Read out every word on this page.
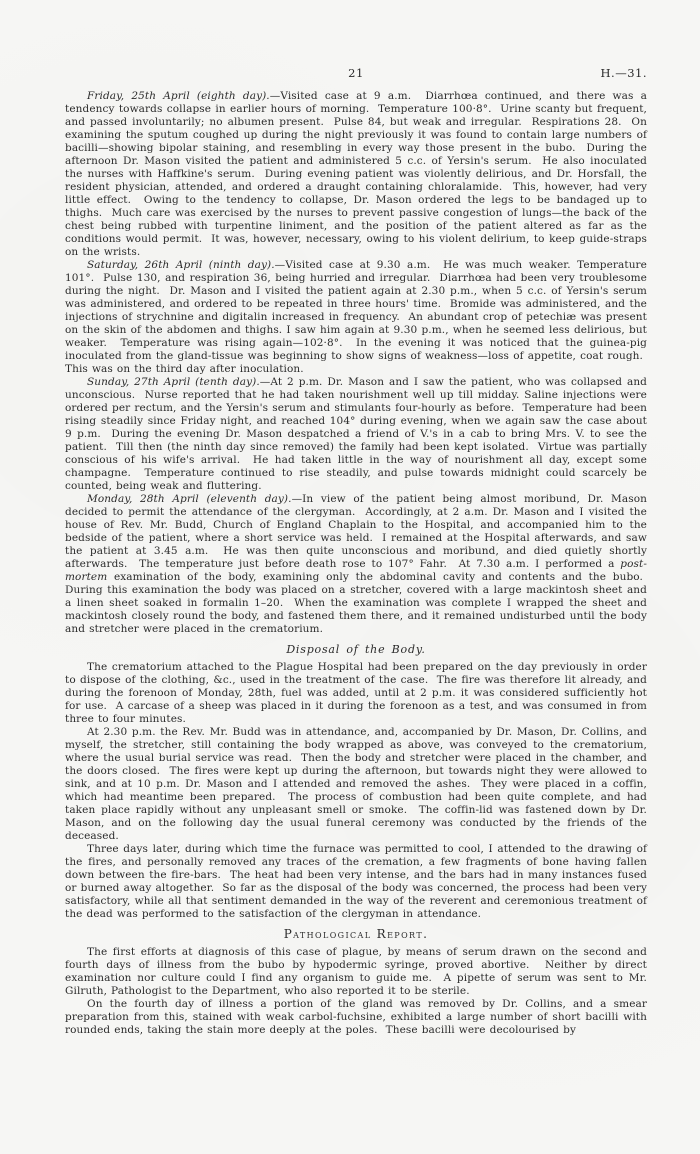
21	H.—31.

Friday, 25th April (eighth day).—Visited case at 9 a.m.  Diarrhœa continued, and there was a tendency towards collapse in earlier hours of morning.  Temperature 100·8°.  Urine scanty but frequent, and passed involuntarily; no albumen present.  Pulse 84, but weak and irregular.  Respirations 28.  On examining the sputum coughed up during the night previously it was found to contain large numbers of bacilli—showing bipolar staining, and resembling in every way those present in the bubo.  During the afternoon Dr. Mason visited the patient and administered 5 c.c. of Yersin's serum.  He also inoculated the nurses with Haffkine's serum.  During evening patient was violently delirious, and Dr. Horsfall, the resident physician, attended, and ordered a draught containing chloralamide.  This, however, had very little effect.  Owing to the tendency to collapse, Dr. Mason ordered the legs to be bandaged up to thighs.  Much care was exercised by the nurses to prevent passive congestion of lungs—the back of the chest being rubbed with turpentine liniment, and the position of the patient altered as far as the conditions would permit.  It was, however, necessary, owing to his violent delirium, to keep guide-straps on the wrists.

Saturday, 26th April (ninth day).—Visited case at 9.30 a.m.  He was much weaker. Temperature 101°.  Pulse 130, and respiration 36, being hurried and irregular.  Diarrhœa had been very troublesome during the night.  Dr. Mason and I visited the patient again at 2.30 p.m., when 5 c.c. of Yersin's serum was administered, and ordered to be repeated in three hours' time.  Bromide was administered, and the injections of strychnine and digitalin increased in frequency.  An abundant crop of petechiæ was present on the skin of the abdomen and thighs. I saw him again at 9.30 p.m., when he seemed less delirious, but weaker.  Temperature was rising again—102·8°.  In the evening it was noticed that the guinea-pig inoculated from the gland-tissue was beginning to show signs of weakness—loss of appetite, coat rough.  This was on the third day after inoculation.

Sunday, 27th April (tenth day).—At 2 p.m. Dr. Mason and I saw the patient, who was collapsed and unconscious.  Nurse reported that he had taken nourishment well up till midday. Saline injections were ordered per rectum, and the Yersin's serum and stimulants four-hourly as before.  Temperature had been rising steadily since Friday night, and reached 104° during evening, when we again saw the case about 9 p.m.  During the evening Dr. Mason despatched a friend of V.'s in a cab to bring Mrs. V. to see the patient.  Till then (the ninth day since removed) the family had been kept isolated.  Virtue was partially conscious of his wife's arrival.  He had taken little in the way of nourishment all day, except some champagne.  Temperature continued to rise steadily, and pulse towards midnight could scarcely be counted, being weak and fluttering.

Monday, 28th April (eleventh day).—In view of the patient being almost moribund, Dr. Mason decided to permit the attendance of the clergyman.  Accordingly, at 2 a.m. Dr. Mason and I visited the house of Rev. Mr. Budd, Church of England Chaplain to the Hospital, and accompanied him to the bedside of the patient, where a short service was held.  I remained at the Hospital afterwards, and saw the patient at 3.45 a.m.  He was then quite unconscious and moribund, and died quietly shortly afterwards.  The temperature just before death rose to 107° Fahr.  At 7.30 a.m. I performed a post-mortem examination of the body, examining only the abdominal cavity and contents and the bubo.  During this examination the body was placed on a stretcher, covered with a large mackintosh sheet and a linen sheet soaked in formalin 1–20.  When the examination was complete I wrapped the sheet and mackintosh closely round the body, and fastened them there, and it remained undisturbed until the body and stretcher were placed in the crematorium.

Disposal of the Body.

The crematorium attached to the Plague Hospital had been prepared on the day previously in order to dispose of the clothing, &c., used in the treatment of the case.  The fire was therefore lit already, and during the forenoon of Monday, 28th, fuel was added, until at 2 p.m. it was considered sufficiently hot for use.  A carcase of a sheep was placed in it during the forenoon as a test, and was consumed in from three to four minutes.

At 2.30 p.m. the Rev. Mr. Budd was in attendance, and, accompanied by Dr. Mason, Dr. Collins, and myself, the stretcher, still containing the body wrapped as above, was conveyed to the crematorium, where the usual burial service was read.  Then the body and stretcher were placed in the chamber, and the doors closed.  The fires were kept up during the afternoon, but towards night they were allowed to sink, and at 10 p.m. Dr. Mason and I attended and removed the ashes.  They were placed in a coffin, which had meantime been prepared.  The process of combustion had been quite complete, and had taken place rapidly without any unpleasant smell or smoke.  The coffin-lid was fastened down by Dr. Mason, and on the following day the usual funeral ceremony was conducted by the friends of the deceased.

Three days later, during which time the furnace was permitted to cool, I attended to the drawing of the fires, and personally removed any traces of the cremation, a few fragments of bone having fallen down between the fire-bars.  The heat had been very intense, and the bars had in many instances fused or burned away altogether.  So far as the disposal of the body was concerned, the process had been very satisfactory, while all that sentiment demanded in the way of the reverent and ceremonious treatment of the dead was performed to the satisfaction of the clergyman in attendance.

Pathological Report.

The first efforts at diagnosis of this case of plague, by means of serum drawn on the second and fourth days of illness from the bubo by hypodermic syringe, proved abortive.  Neither by direct examination nor culture could I find any organism to guide me.  A pipette of serum was sent to Mr. Gilruth, Pathologist to the Department, who also reported it to be sterile.

On the fourth day of illness a portion of the gland was removed by Dr. Collins, and a smear preparation from this, stained with weak carbol-fuchsine, exhibited a large number of short bacilli with rounded ends, taking the stain more deeply at the poles.  These bacilli were decolourised by
